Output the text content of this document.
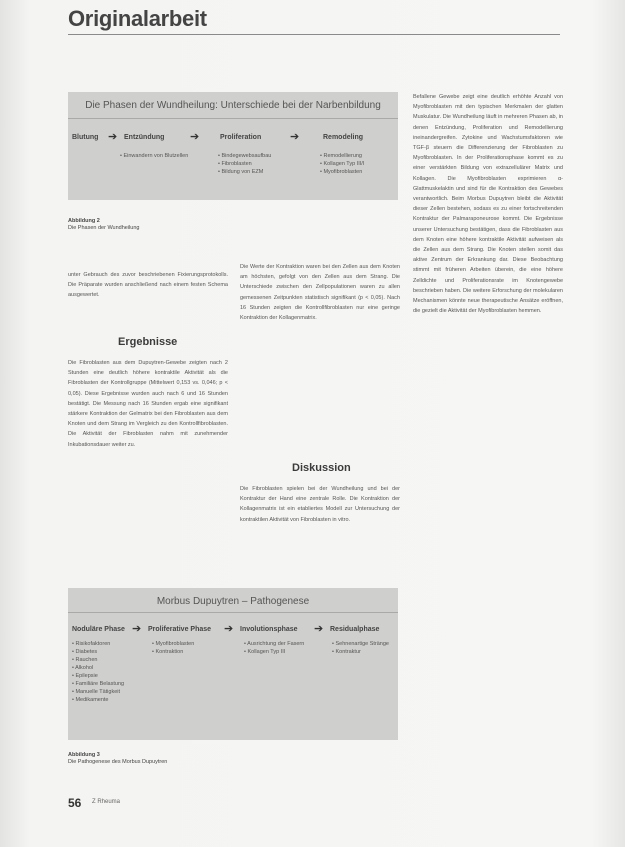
Originalarbeit
Die Phasen der Wundheilung: Unterschiede bei der Narbenbildung
Blutung ➔ Entzündung ➔	Proliferation	➔	Remodeling
• Einwandern von Blutzellen
•	Bindegewebsaufbau
• Fibroblasten
• Bildung von EZM
• Remodellierung
• Kollagen Typ III/I
• Myofibroblasten
Abbildung 2
Die Phasen der Wundheilung
unter Gebrauch des zuvor beschriebenen Fixierungsprotokolls. Die Präparate wurden anschließend nach einem festen Schema ausgewertet.
Ergebnisse
Die Fibroblasten aus dem Dupuytren-Gewebe zeigten nach 2 Stunden eine deutlich höhere kontraktile Aktivität als die Fibroblasten der Kontrollgruppe (Mittelwert 0,153 vs. 0,046; p < 0,05). Diese Ergebnisse wurden auch nach 6 und 16 Stunden bestätigt. Die Messung nach 16 Stunden ergab eine signifikant stärkere Kontraktion der Gelmatrix bei den Fibroblasten aus dem Knoten und dem Strang im Vergleich zu den Kontrollfibroblasten. Die Aktivität der Fibroblasten nahm mit zunehmender Inkubationsdauer weiter zu.
Die Werte der Kontraktion waren bei den Zellen aus dem Knoten am höchsten, gefolgt von den Zellen aus dem Strang. Die Unterschiede zwischen den Zellpopulationen waren zu allen gemessenen Zeitpunkten statistisch signifikant (p < 0,05). Nach 16 Stunden zeigten die Kontrollfibroblasten nur eine geringe Kontraktion der Kollagenmatrix.
Diskussion
Die Fibroblasten spielen bei der Wundheilung und bei der Kontraktur der Hand eine zentrale Rolle. Die Kontraktion der Kollagenmatrix ist ein etabliertes Modell zur Untersuchung der kontraktilen Aktivität von Fibroblasten in vitro.
Befallene Gewebe zeigt eine deutlich erhöhte Anzahl von Myofibroblasten mit den typischen Merkmalen der glatten Muskulatur. Die Wundheilung läuft in mehreren Phasen ab, in denen Entzündung, Proliferation und Remodellierung ineinandergreifen. Zytokine und Wachstumsfaktoren wie TGF-β steuern die Differenzierung der Fibroblasten zu Myofibroblasten. In der Proliferationsphase kommt es zu einer verstärkten Bildung von extrazellulärer Matrix und Kollagen. Die Myofibroblasten exprimieren α-Glattmuskelaktin und sind für die Kontraktion des Gewebes verantwortlich. Beim Morbus Dupuytren bleibt die Aktivität dieser Zellen bestehen, sodass es zu einer fortschreitenden Kontraktur der Palmaraponeurose kommt. Die Ergebnisse unserer Untersuchung bestätigen, dass die Fibroblasten aus dem Knoten eine höhere kontraktile Aktivität aufweisen als die Zellen aus dem Strang. Die Knoten stellen somit das aktive Zentrum der Erkrankung dar. Diese Beobachtung stimmt mit früheren Arbeiten überein, die eine höhere Zelldichte und Proliferationsrate im Knotengewebe beschrieben haben. Die weitere Erforschung der molekularen Mechanismen könnte neue therapeutische Ansätze eröffnen, die gezielt die Aktivität der Myofibroblasten hemmen.
Morbus Dupuytren – Pathogenese
Noduläre Phase ➔ Proliferative Phase ➔ Involutionsphase ➔ Residualphase
• Risikofaktoren
• Diabetes
• Rauchen
• Alkohol
• Epilepsie
• Familiäre Belastung
• Manuelle Tätigkeit
• Medikamente
• Myofibroblasten
• Kontraktion
• Ausrichtung der Fasern
• Kollagen Typ III
• Sehnenartige Stränge
• Kontraktur
Abbildung 3
Die Pathogenese des Morbus Dupuytren
56 Z Rheuma
